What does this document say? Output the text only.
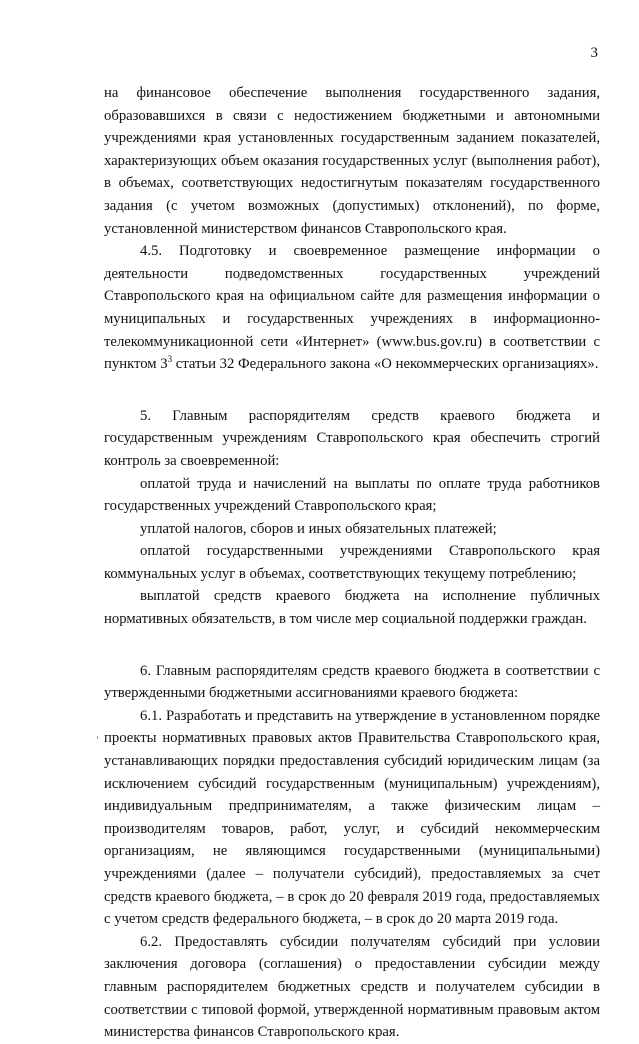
3

на финансовое обеспечение выполнения государственного задания, образовавшихся в связи с недостижением бюджетными и автономными учреждениями края установленных государственным заданием показателей, характеризующих объем оказания государственных услуг (выполнения работ), в объемах, соответствующих недостигнутым показателям государственного задания (с учетом возможных (допустимых) отклонений), по форме, установленной министерством финансов Ставропольского края.

4.5. Подготовку и своевременное размещение информации о деятельности подведомственных государственных учреждений Ставропольского края на официальном сайте для размещения информации о муниципальных и государственных учреждениях в информационно-телекоммуникационной сети «Интернет» (www.bus.gov.ru) в соответствии с пунктом $3^3$ статьи 32 Федерального закона «О некоммерческих организациях».

5. Главным распорядителям средств краевого бюджета и государственным учреждениям Ставропольского края обеспечить строгий контроль за своевременной:

оплатой труда и начислений на выплаты по оплате труда работников государственных учреждений Ставропольского края;

уплатой налогов, сборов и иных обязательных платежей;

оплатой государственными учреждениями Ставропольского края коммунальных услуг в объемах, соответствующих текущему потреблению;

выплатой средств краевого бюджета на исполнение публичных нормативных обязательств, в том числе мер социальной поддержки граждан.

6. Главным распорядителям средств краевого бюджета в соответствии с утвержденными бюджетными ассигнованиями краевого бюджета:

6.1. Разработать и представить на утверждение в установленном порядке проекты нормативных правовых актов Правительства Ставропольского края, устанавливающих порядки предоставления субсидий юридическим лицам (за исключением субсидий государственным (муниципальным) учреждениям), индивидуальным предпринимателям, а также физическим лицам – производителям товаров, работ, услуг, и субсидий некоммерческим организациям, не являющимся государственными (муниципальными) учреждениями (далее – получатели субсидий), предоставляемых за счет средств краевого бюджета, – в срок до 20 февраля 2019 года, предоставляемых с учетом средств федерального бюджета, – в срок до 20 марта 2019 года.

6.2. Предоставлять субсидии получателям субсидий при условии заключения договора (соглашения) о предоставлении субсидии между главным распорядителем бюджетных средств и получателем субсидии в соответствии с типовой формой, утвержденной нормативным правовым актом министерства финансов Ставропольского края.
